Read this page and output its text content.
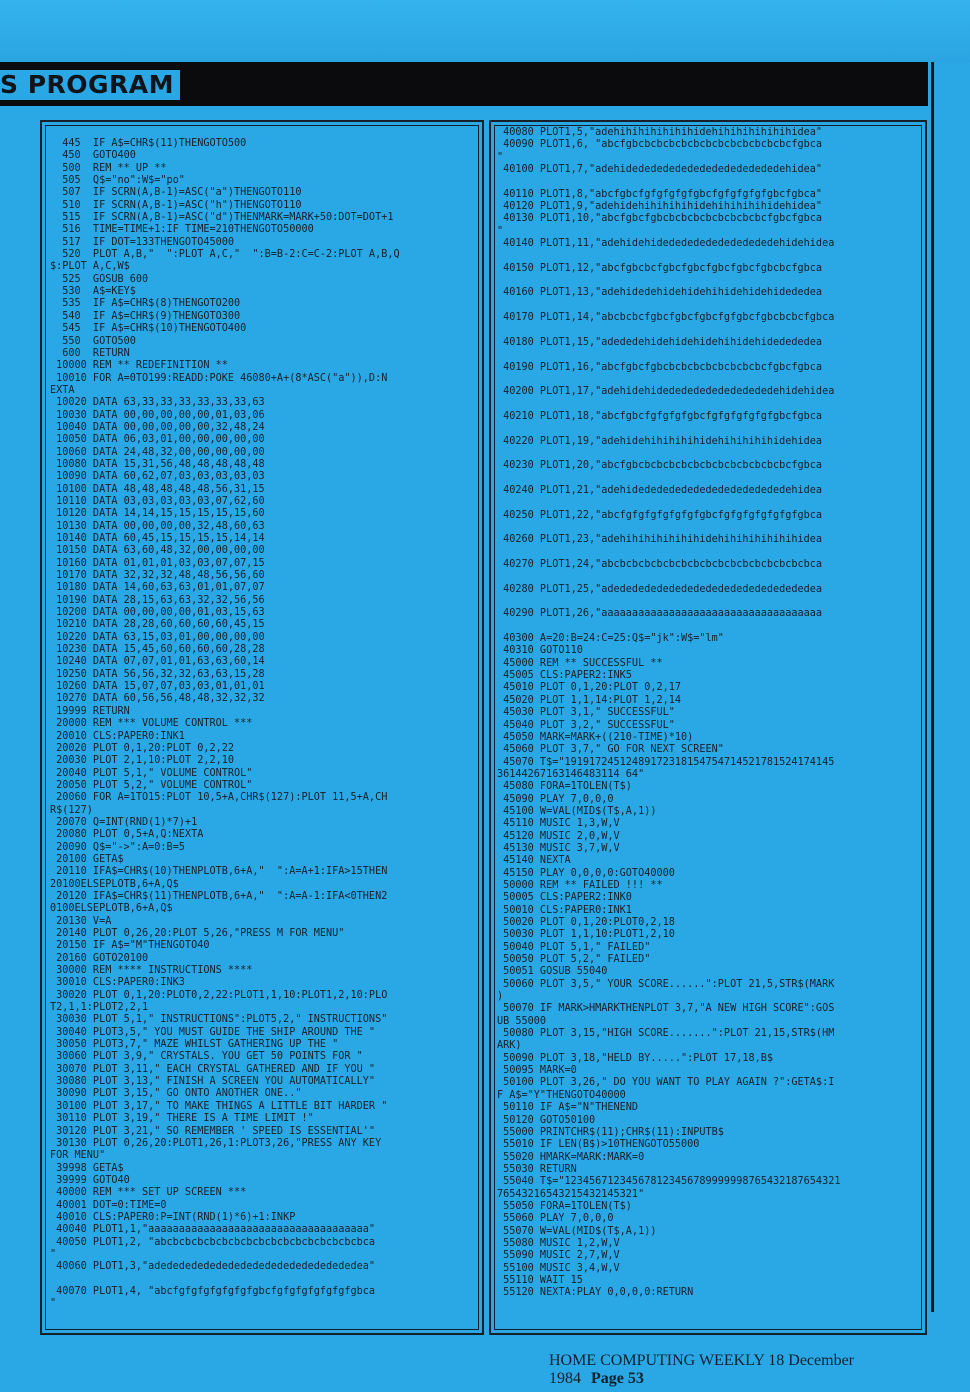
S PROGRAM
445  IF A$=CHR$(11)THENGOTO500
450  GOTO400
500  REM ** UP **
505  Q$="no":W$="po"
507  IF SCRN(A,B-1)=ASC("a")THENGOTO110
510  IF SCRN(A,B-1)=ASC("h")THENGOTO110
515  IF SCRN(A,B-1)=ASC("d")THENMARK=MARK+50:DOT=DOT+1
516  TIME=TIME+1:IF TIME=210THENGOTO50000
517  IF DOT=133THENGOTO45000
520  PLOT A,B,"  ":PLOT A,C,"  ":B=B-2:C=C-2:PLOT A,B,Q
$:PLOT A,C,W$
525  GOSUB 600
530  A$=KEY$
535  IF A$=CHR$(8)THENGOTO200
540  IF A$=CHR$(9)THENGOTO300
545  IF A$=CHR$(10)THENGOTO400
550  GOTO500
600  RETURN
10000 REM ** REDEFINITION **
10010 FOR A=0TO199:READD:POKE 46080+A+(8*ASC("a")),D:N
EXTA
10020 DATA 63,33,33,33,33,33,33,63
10030 DATA 00,00,00,00,00,01,03,06
10040 DATA 00,00,00,00,00,32,48,24
10050 DATA 06,03,01,00,00,00,00,00
10060 DATA 24,48,32,00,00,00,00,00
10080 DATA 15,31,56,48,48,48,48,48
10090 DATA 60,62,07,03,03,03,03,03
10100 DATA 48,48,48,48,48,56,31,15
10110 DATA 03,03,03,03,03,07,62,60
10120 DATA 14,14,15,15,15,15,15,60
10130 DATA 00,00,00,00,32,48,60,63
10140 DATA 60,45,15,15,15,15,14,14
10150 DATA 63,60,48,32,00,00,00,00
10160 DATA 01,01,01,03,03,07,07,15
10170 DATA 32,32,32,48,48,56,56,60
10180 DATA 14,60,63,63,01,01,07,07
10190 DATA 28,15,63,63,32,32,56,56
10200 DATA 00,00,00,00,01,03,15,63
10210 DATA 28,28,60,60,60,60,45,15
10220 DATA 63,15,03,01,00,00,00,00
10230 DATA 15,45,60,60,60,60,28,28
10240 DATA 07,07,01,01,63,63,60,14
10250 DATA 56,56,32,32,63,63,15,28
10260 DATA 15,07,07,03,03,01,01,01
10270 DATA 60,56,56,48,48,32,32,32
19999 RETURN
20000 REM *** VOLUME CONTROL ***
20010 CLS:PAPER0:INK1
20020 PLOT 0,1,20:PLOT 0,2,22
20030 PLOT 2,1,10:PLOT 2,2,10
20040 PLOT 5,1," VOLUME CONTROL"
20050 PLOT 5,2," VOLUME CONTROL"
20060 FOR A=1TO15:PLOT 10,5+A,CHR$(127):PLOT 11,5+A,CH
R$(127)
20070 Q=INT(RND(1)*7)+1
20080 PLOT 0,5+A,Q:NEXTA
20090 Q$="->":A=0:B=5
20100 GETA$
20110 IFA$=CHR$(10)THENPLOTB,6+A,"  ":A=A+1:IFA>15THEN
20100ELSEPLOTB,6+A,Q$
20120 IFA$=CHR$(11)THENPLOTB,6+A,"  ":A=A-1:IFA<0THEN2
0100ELSEPLOTB,6+A,Q$
20130 V=A
20140 PLOT 0,26,20:PLOT 5,26,"PRESS M FOR MENU"
20150 IF A$="M"THENGOTO40
20160 GOTO20100
30000 REM **** INSTRUCTIONS ****
30010 CLS:PAPER0:INK3
30020 PLOT 0,1,20:PLOT0,2,22:PLOT1,1,10:PLOT1,2,10:PLO
T2,1,1:PLOT2,2,1
30030 PLOT 5,1," INSTRUCTIONS":PLOT5,2," INSTRUCTIONS"
30040 PLOT3,5," YOU MUST GUIDE THE SHIP AROUND THE "
30050 PLOT3,7," MAZE WHILST GATHERING UP THE "
30060 PLOT 3,9," CRYSTALS. YOU GET 50 POINTS FOR "
30070 PLOT 3,11," EACH CRYSTAL GATHERED AND IF YOU "
30080 PLOT 3,13," FINISH A SCREEN YOU AUTOMATICALLY"
30090 PLOT 3,15," GO ONTO ANOTHER ONE.."
30100 PLOT 3,17," TO MAKE THINGS A LITTLE BIT HARDER "
30110 PLOT 3,19," THERE IS A TIME LIMIT !"
30120 PLOT 3,21," SO REMEMBER ' SPEED IS ESSENTIAL'"
30130 PLOT 0,26,20:PLOT1,26,1:PLOT3,26,"PRESS ANY KEY
FOR MENU"
39998 GETA$
39999 GOTO40
40000 REM *** SET UP SCREEN ***
40001 DOT=0:TIME=0
40010 CLS:PAPER0:P=INT(RND(1)*6)+1:INKP
40040 PLOT1,1,"aaaaaaaaaaaaaaaaaaaaaaaaaaaaaaaaaaaa"
40050 PLOT1,2, "abcbcbcbcbcbcbcbcbcbcbcbcbcbcbcbcbca
"
40060 PLOT1,3,"adededededededededededededededededea"

40070 PLOT1,4, "abcfgfgfgfgfgfgfgbcfgfgfgfgfgfgfgbca
"
40080 PLOT1,5,"adehihihihihihihidehihihihihihihidea"
40090 PLOT1,6, "abcfgbcbcbcbcbcbcbcbcbcbcbcbcbcfgbca
"
40100 PLOT1,7,"adehidededededededededededededehidea"

40110 PLOT1,8,"abcfgbcfgfgfgfgfgbcfgfgfgfgfgbcfgbca"
40120 PLOT1,9,"adehidehihihihihidehihihihihidehidea"
40130 PLOT1,10,"abcfgbcfgbcbcbcbcbcbcbcbcbcfgbcfgbca
"
40140 PLOT1,11,"adehidehidedededededededededehidehidea

40150 PLOT1,12,"abcfgbcbcfgbcfgbcfgbcfgbcfgbcbcfgbca

40160 PLOT1,13,"adehidedehidehidehihidehidehidededea

40170 PLOT1,14,"abcbcbcfgbcfgbcfgbcfgfgbcfgbcbcbcfgbca

40180 PLOT1,15,"adededehidehidehidehihidehidedededea

40190 PLOT1,16,"abcfgbcfgbcbcbcbcbcbcbcbcbcfgbcfgbca

40200 PLOT1,17,"adehidehidedededededededededehidehidea

40210 PLOT1,18,"abcfgbcfgfgfgfgbcfgfgfgfgfgfgbcfgbca

40220 PLOT1,19,"adehidehihihihihidehihihihihidehidea

40230 PLOT1,20,"abcfgbcbcbcbcbcbcbcbcbcbcbcbcbcfgbca

40240 PLOT1,21,"adehidededededededededededededehidea

40250 PLOT1,22,"abcfgfgfgfgfgfgfgbcfgfgfgfgfgfgfgbca

40260 PLOT1,23,"adehihihihihihihidehihihihihihihidea

40270 PLOT1,24,"abcbcbcbcbcbcbcbcbcbcbcbcbcbcbcbcbca

40280 PLOT1,25,"adededededededededededededededededea

40290 PLOT1,26,"aaaaaaaaaaaaaaaaaaaaaaaaaaaaaaaaaaaa

40300 A=20:B=24:C=25:Q$="jk":W$="lm"
40310 GOTO110
45000 REM ** SUCCESSFUL **
45005 CLS:PAPER2:INK5
45010 PLOT 0,1,20:PLOT 0,2,17
45020 PLOT 1,1,14:PLOT 1,2,14
45030 PLOT 3,1," SUCCESSFUL"
45040 PLOT 3,2," SUCCESSFUL"
45050 MARK=MARK+((210-TIME)*10)
45060 PLOT 3,7," GO FOR NEXT SCREEN"
45070 T$="19191724512489172318154754714521781524174145
36144267163146483114 64"
45080 FORA=1TOLEN(T$)
45090 PLAY 7,0,0,0
45100 W=VAL(MID$(T$,A,1))
45110 MUSIC 1,3,W,V
45120 MUSIC 2,0,W,V
45130 MUSIC 3,7,W,V
45140 NEXTA
45150 PLAY 0,0,0,0:GOTO40000
50000 REM ** FAILED !!! **
50005 CLS:PAPER2:INK0
50010 CLS:PAPER0:INK1
50020 PLOT 0,1,20:PLOT0,2,18
50030 PLOT 1,1,10:PLOT1,2,10
50040 PLOT 5,1," FAILED"
50050 PLOT 5,2," FAILED"
50051 GOSUB 55040
50060 PLOT 3,5," YOUR SCORE......":PLOT 21,5,STR$(MARK
)
50070 IF MARK>HMARKTHENPLOT 3,7,"A NEW HIGH SCORE":GOS
UB 55000
50080 PLOT 3,15,"HIGH SCORE.......":PLOT 21,15,STR$(HM
ARK)
50090 PLOT 3,18,"HELD BY.....":PLOT 17,18,B$
50095 MARK=0
50100 PLOT 3,26," DO YOU WANT TO PLAY AGAIN ?":GETA$:I
F A$="Y"THENGOTO40000
50110 IF A$="N"THENEND
50120 GOTO50100
55000 PRINTCHR$(11);CHR$(11):INPUTB$
55010 IF LEN(B$)>10THENGOTO55000
55020 HMARK=MARK:MARK=0
55030 RETURN
55040 T$="123456712345678123456789999998765432187654321
76543216543215432145321"
55050 FORA=1TOLEN(T$)
55060 PLAY 7,0,0,0
55070 W=VAL(MID$(T$,A,1))
55080 MUSIC 1,2,W,V
55090 MUSIC 2,7,W,V
55100 MUSIC 3,4,W,V
55110 WAIT 15
55120 NEXTA:PLAY 0,0,0,0:RETURN
HOME COMPUTING WEEKLY 18 December 1984 Page 53
